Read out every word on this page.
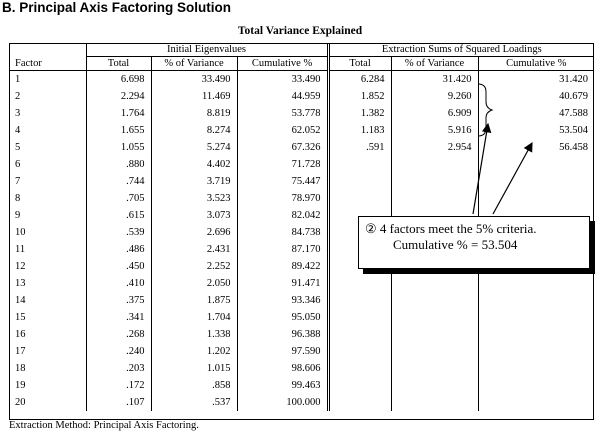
B. Principal Axis Factoring Solution
Total Variance Explained
Factor	Initial Eigenvalues			Extraction Sums of Squared Loadings		
	Total	% of Variance	Cumulative %	Total	% of Variance	Cumulative %
1	6.698	33.490	33.490	6.284	31.420	31.420
2	2.294	11.469	44.959	1.852	9.260	40.679
3	1.764	8.819	53.778	1.382	6.909	47.588
4	1.655	8.274	62.052	1.183	5.916	53.504
5	1.055	5.274	67.326	.591	2.954	56.458
6	.880	4.402	71.728			
7	.744	3.719	75.447			
8	.705	3.523	78.970			
9	.615	3.073	82.042			
10	.539	2.696	84.738			
11	.486	2.431	87.170			
12	.450	2.252	89.422			
13	.410	2.050	91.471			
14	.375	1.875	93.346			
15	.341	1.704	95.050			
16	.268	1.338	96.388			
17	.240	1.202	97.590			
18	.203	1.015	98.606			
19	.172	.858	99.463			
20	.107	.537	100.000			
② 4 factors meet the 5% criteria.
Cumulative % = 53.504
Extraction Method: Principal Axis Factoring.
